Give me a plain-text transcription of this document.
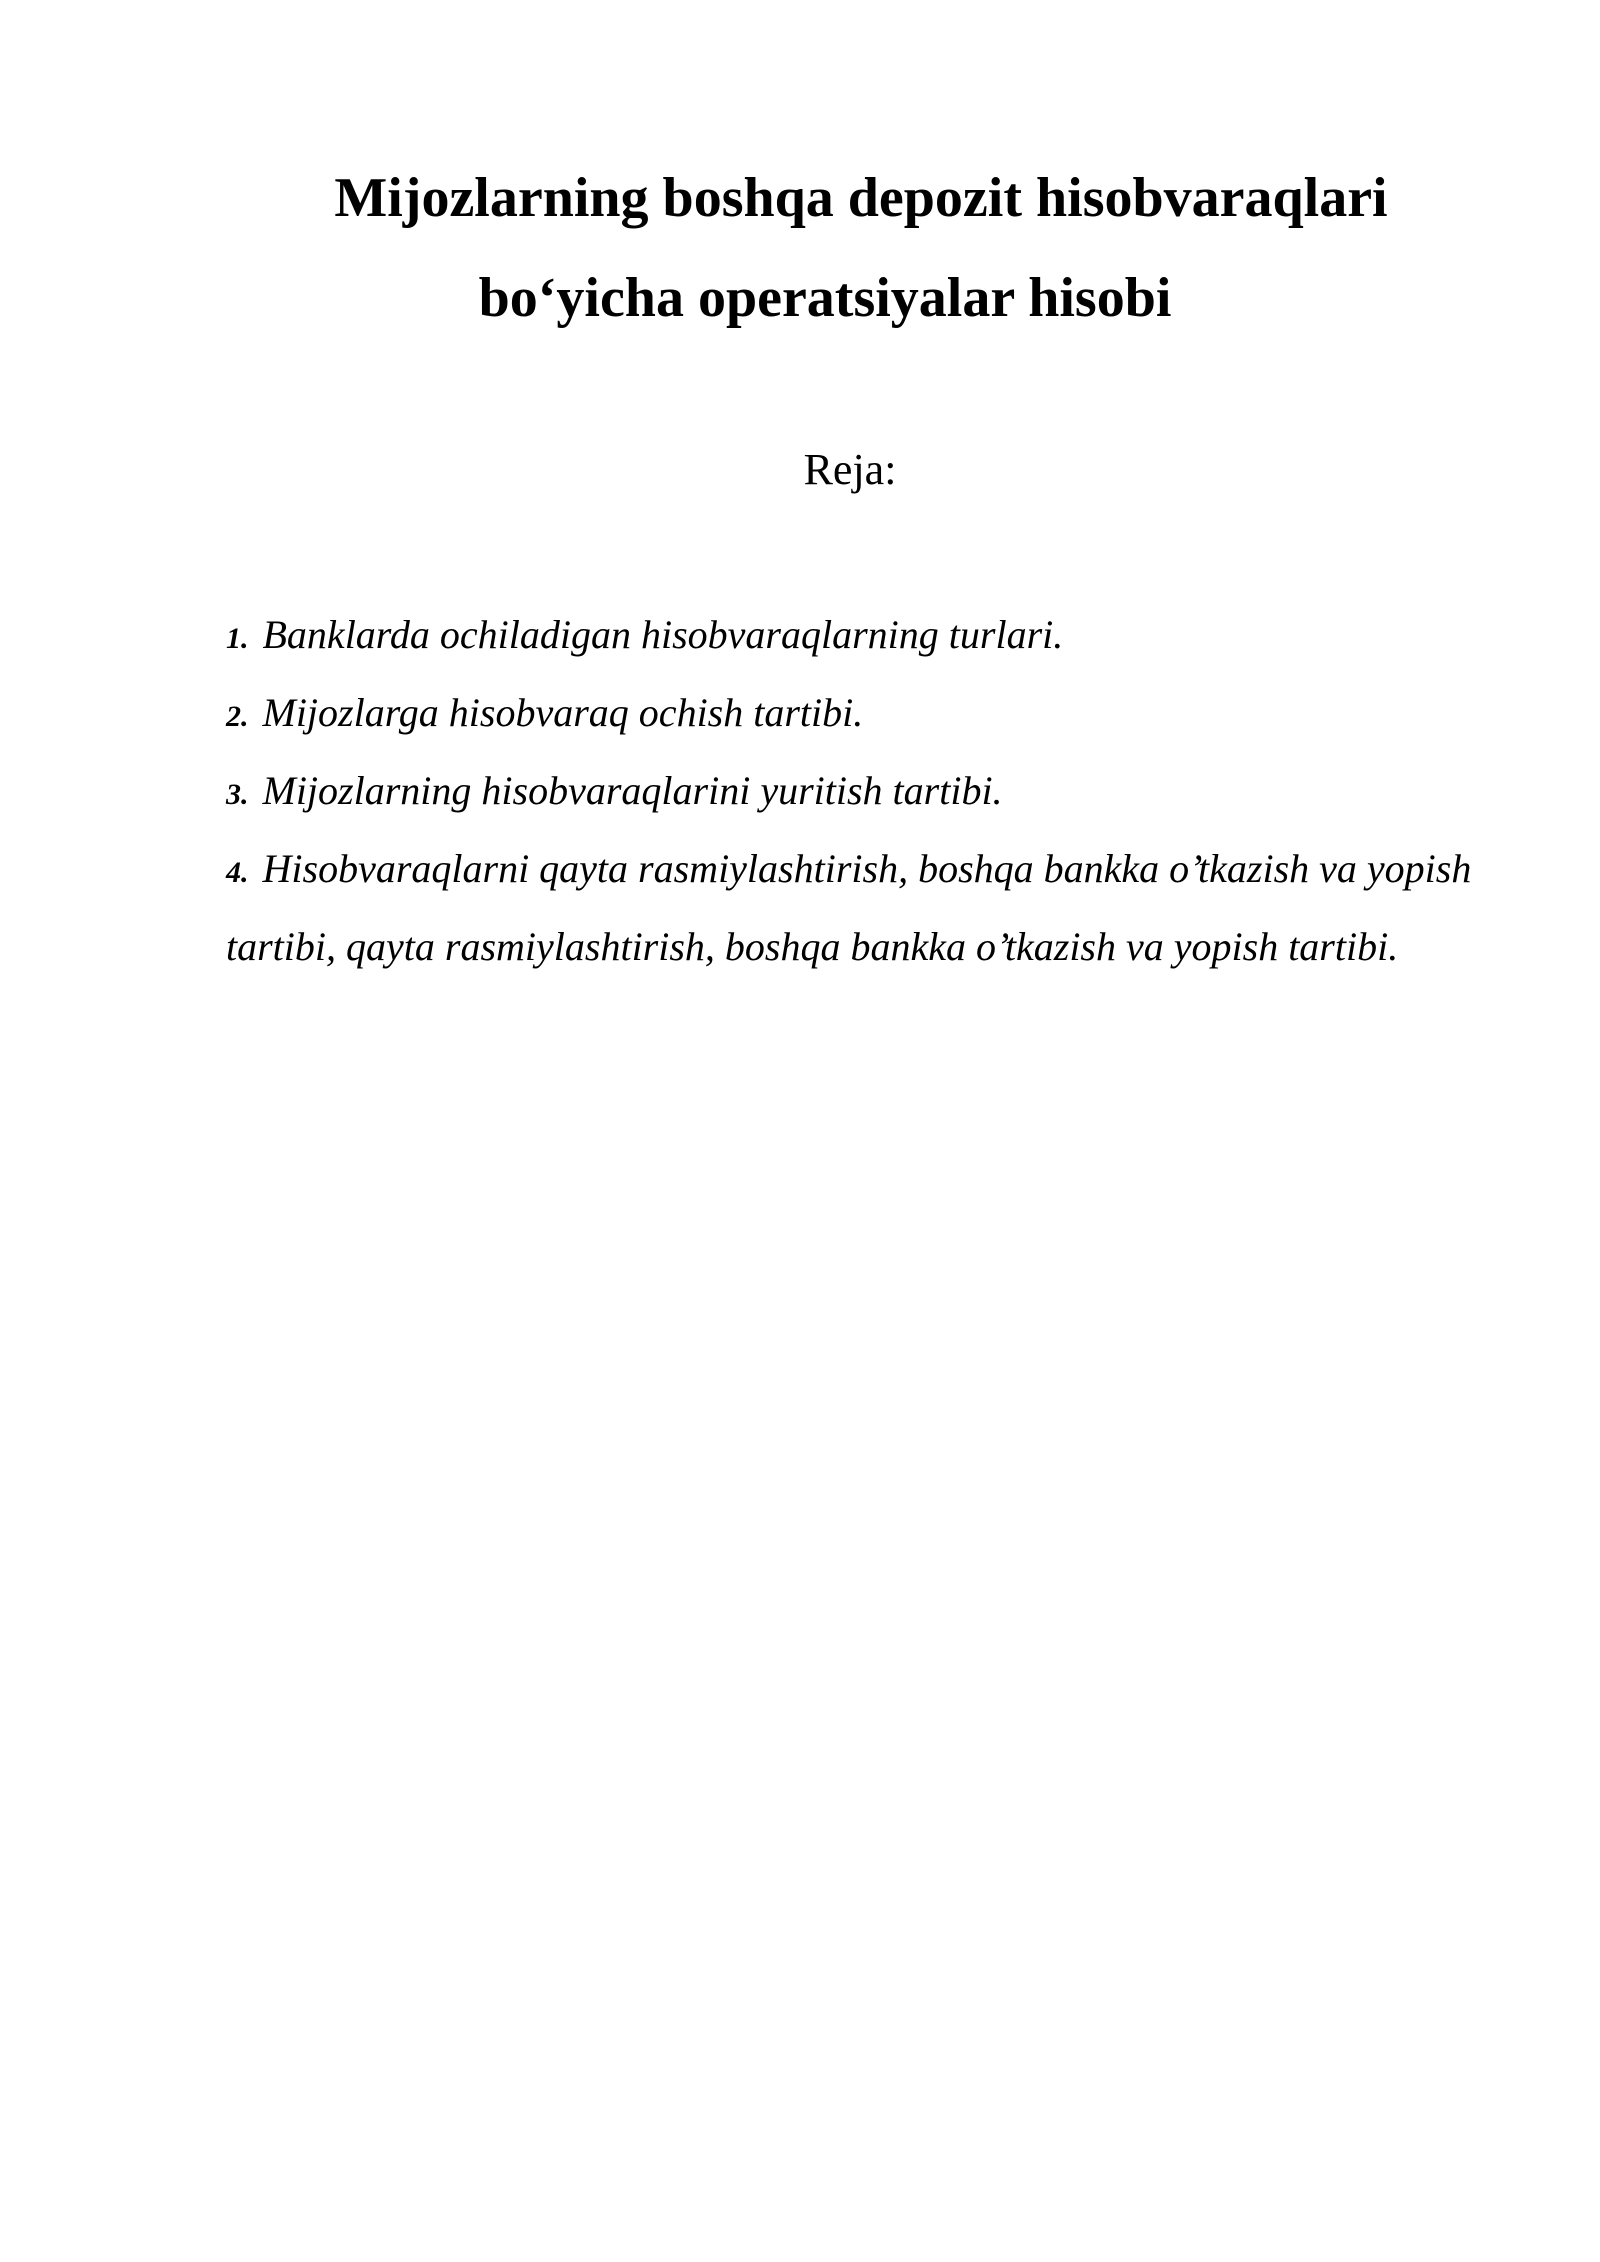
Mijozlarning boshqa depozit hisobvaraqlari
bo‘yicha operatsiyalar hisobi
Reja:
1. Banklarda ochiladigan hisobvaraqlarning turlari.
2. Mijozlarga hisobvaraq ochish tartibi.
3. Mijozlarning hisobvaraqlarini yuritish tartibi.
4. Hisobvaraqlarni qayta rasmiylashtirish, boshqa bankka o’tkazish va yopish tartibi, qayta rasmiylashtirish, boshqa bankka o’tkazish va yopish tartibi.
